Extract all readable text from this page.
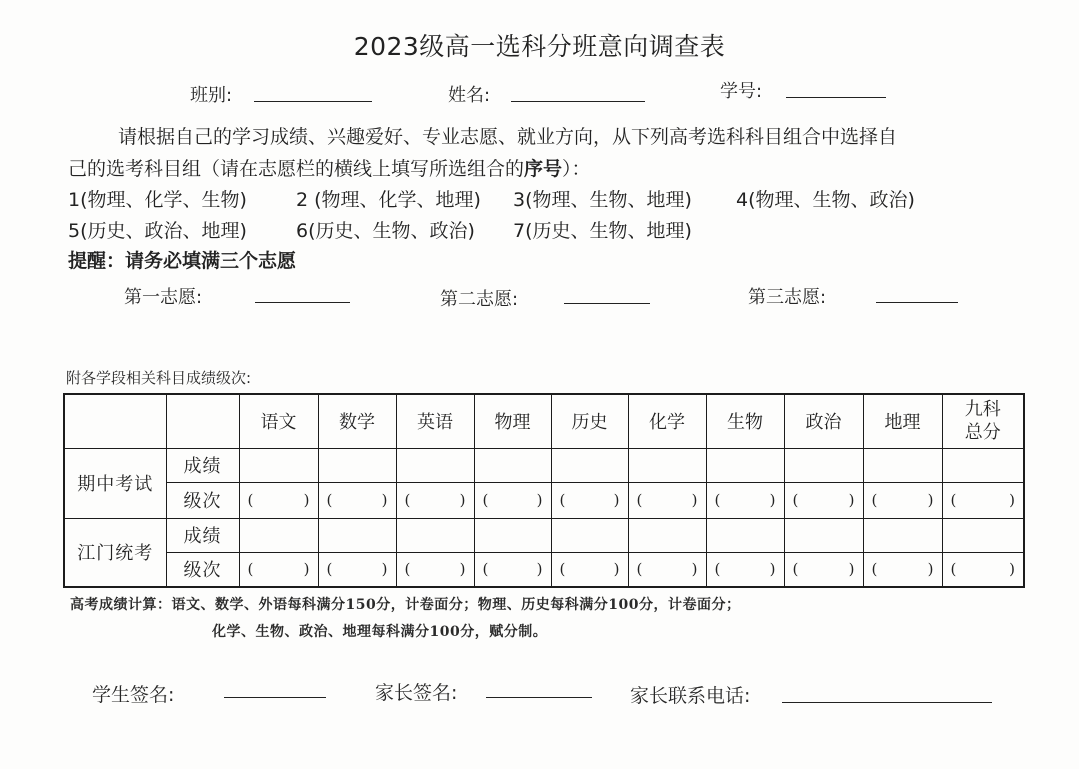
2023级高一选科分班意向调查表
班别:	姓名:	学号:
请根据自己的学习成绩、兴趣爱好、专业志愿、就业方向，从下列高考选科科目组合中选择自
己的选考科目组（请在志愿栏的横线上填写所选组合的序号）：
1(物理、化学、生物)	2 (物理、化学、地理) 3(物理、生物、地理) 4(物理、生物、政治)
5(历史、政治、地理)	6(历史、生物、政治) 7(历史、生物、地理)
提醒：请务必填满三个志愿
第一志愿:	第二志愿:	第三志愿:
附各学段相关科目成绩级次:
		语文	数学	英语	物理	历史	化学	生物	政治	地理	九科
总分

期中考试	成绩										
	级次	( )	( )	( )	( )	( )	( )	( )	( )	( )	( )

江门统考	成绩										
	级次	( )	( )	( )	( )	( )	( )	( )	( )	( )	( )
高考成绩计算：语文、数学、外语每科满分150分，计卷面分；物理、历史每科满分100分，计卷面分；
化学、生物、政治、地理每科满分100分，赋分制。
学生签名:	家长签名:	家长联系电话:
